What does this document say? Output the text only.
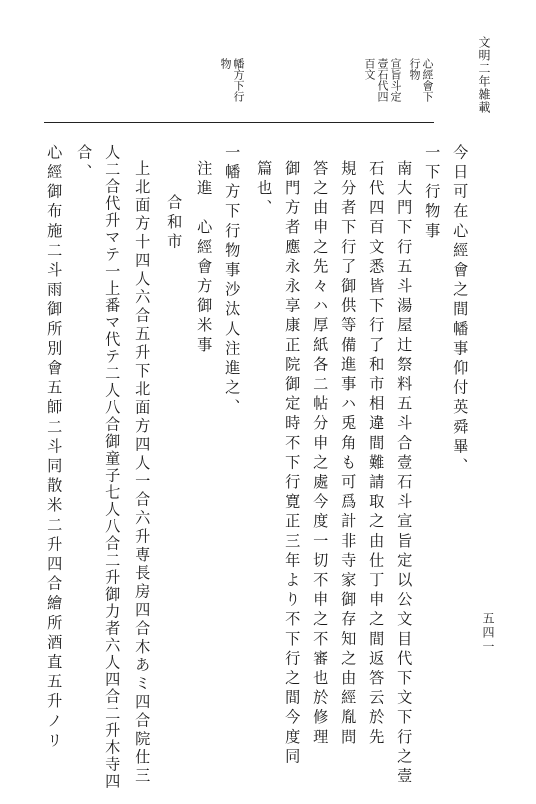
文明二年雑載
五四一
心經會下
行物
宣旨斗定
壹石代四
百文
幡方下行
物
今日可在心經會之間幡事仰付英舜畢、
一下行物事
南大門下行五斗湯屋辻祭料五斗合壹石斗宣旨定以公文目代下文下行之壹
石代四百文悉皆下行了和市相違間難請取之由仕丁申之間返答云於先
規分者下行了御供等備進事ハ兎角も可爲計非寺家御存知之由經胤問
答之由申之先々ハ厚紙各二帖分申之處今度一切不申之不審也於修理
御門方者應永永享康正院御定時不下行寛正三年より不下行之間今度同
篇也、
一幡方下行物事沙汰人注進之、
注進　心經會方御米事
合和市
上北面方十四人六合五升下北面方四人一合六升専長房四合木あミ四合院仕三
人二合代升マテ一上番マ代テ二人八合御童子七人八合二升御力者六人四合二升木寺四
合、
心經御布施二斗雨御所別會五師二斗同散米二升四合繪所酒直五升ノリ
